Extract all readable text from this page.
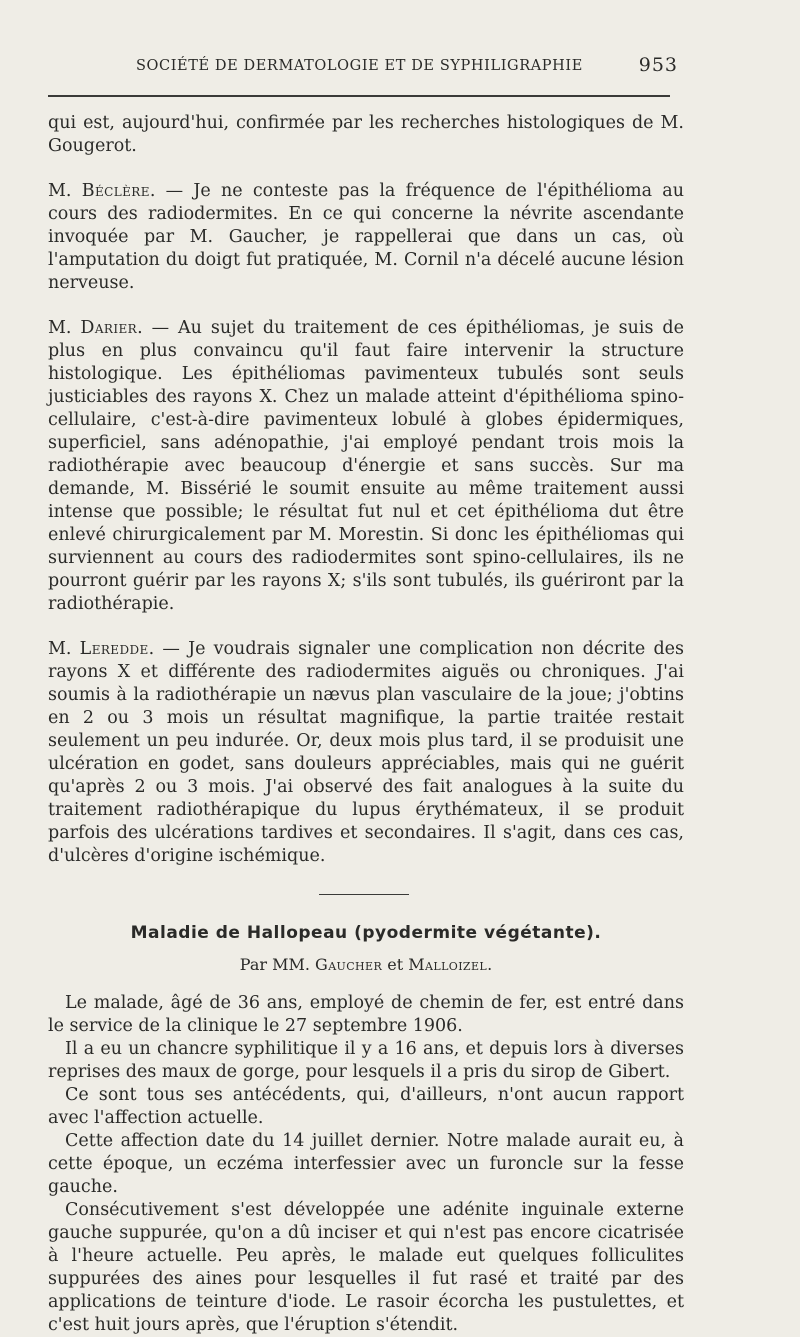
SOCIÉTÉ DE DERMATOLOGIE ET DE SYPHILIGRAPHIE	953

qui est, aujourd'hui, confirmée par les recherches histologiques de M. Gougerot.

M. Béclère. — Je ne conteste pas la fréquence de l'épithélioma au cours des radiodermites. En ce qui concerne la névrite ascendante invoquée par M. Gaucher, je rappellerai que dans un cas, où l'amputation du doigt fut pratiquée, M. Cornil n'a décelé aucune lésion nerveuse.

M. Darier. — Au sujet du traitement de ces épithéliomas, je suis de plus en plus convaincu qu'il faut faire intervenir la structure histologique. Les épithéliomas pavimenteux tubulés sont seuls justiciables des rayons X. Chez un malade atteint d'épithélioma spino-cellulaire, c'est-à-dire pavimenteux lobulé à globes épidermiques, superficiel, sans adénopathie, j'ai employé pendant trois mois la radiothérapie avec beaucoup d'énergie et sans succès. Sur ma demande, M. Bissérié le soumit ensuite au même traitement aussi intense que possible; le résultat fut nul et cet épithélioma dut être enlevé chirurgicalement par M. Morestin. Si donc les épithéliomas qui surviennent au cours des radiodermites sont spino-cellulaires, ils ne pourront guérir par les rayons X; s'ils sont tubulés, ils guériront par la radiothérapie.

M. Leredde. — Je voudrais signaler une complication non décrite des rayons X et différente des radiodermites aiguës ou chroniques. J'ai soumis à la radiothérapie un nævus plan vasculaire de la joue; j'obtins en 2 ou 3 mois un résultat magnifique, la partie traitée restait seulement un peu indurée. Or, deux mois plus tard, il se produisit une ulcération en godet, sans douleurs appréciables, mais qui ne guérit qu'après 2 ou 3 mois. J'ai observé des fait analogues à la suite du traitement radiothérapique du lupus érythémateux, il se produit parfois des ulcérations tardives et secondaires. Il s'agit, dans ces cas, d'ulcères d'origine ischémique.

Maladie de Hallopeau (pyodermite végétante).
Par MM. Gaucher et Malloizel.

Le malade, âgé de 36 ans, employé de chemin de fer, est entré dans le service de la clinique le 27 septembre 1906.

Il a eu un chancre syphilitique il y a 16 ans, et depuis lors à diverses reprises des maux de gorge, pour lesquels il a pris du sirop de Gibert.

Ce sont tous ses antécédents, qui, d'ailleurs, n'ont aucun rapport avec l'affection actuelle.

Cette affection date du 14 juillet dernier. Notre malade aurait eu, à cette époque, un eczéma interfessier avec un furoncle sur la fesse gauche.

Consécutivement s'est développée une adénite inguinale externe gauche suppurée, qu'on a dû inciser et qui n'est pas encore cicatrisée à l'heure actuelle. Peu après, le malade eut quelques folliculites suppurées des aines pour lesquelles il fut rasé et traité par des applications de teinture d'iode. Le rasoir écorcha les pustulettes, et c'est huit jours après, que l'éruption s'étendit.
